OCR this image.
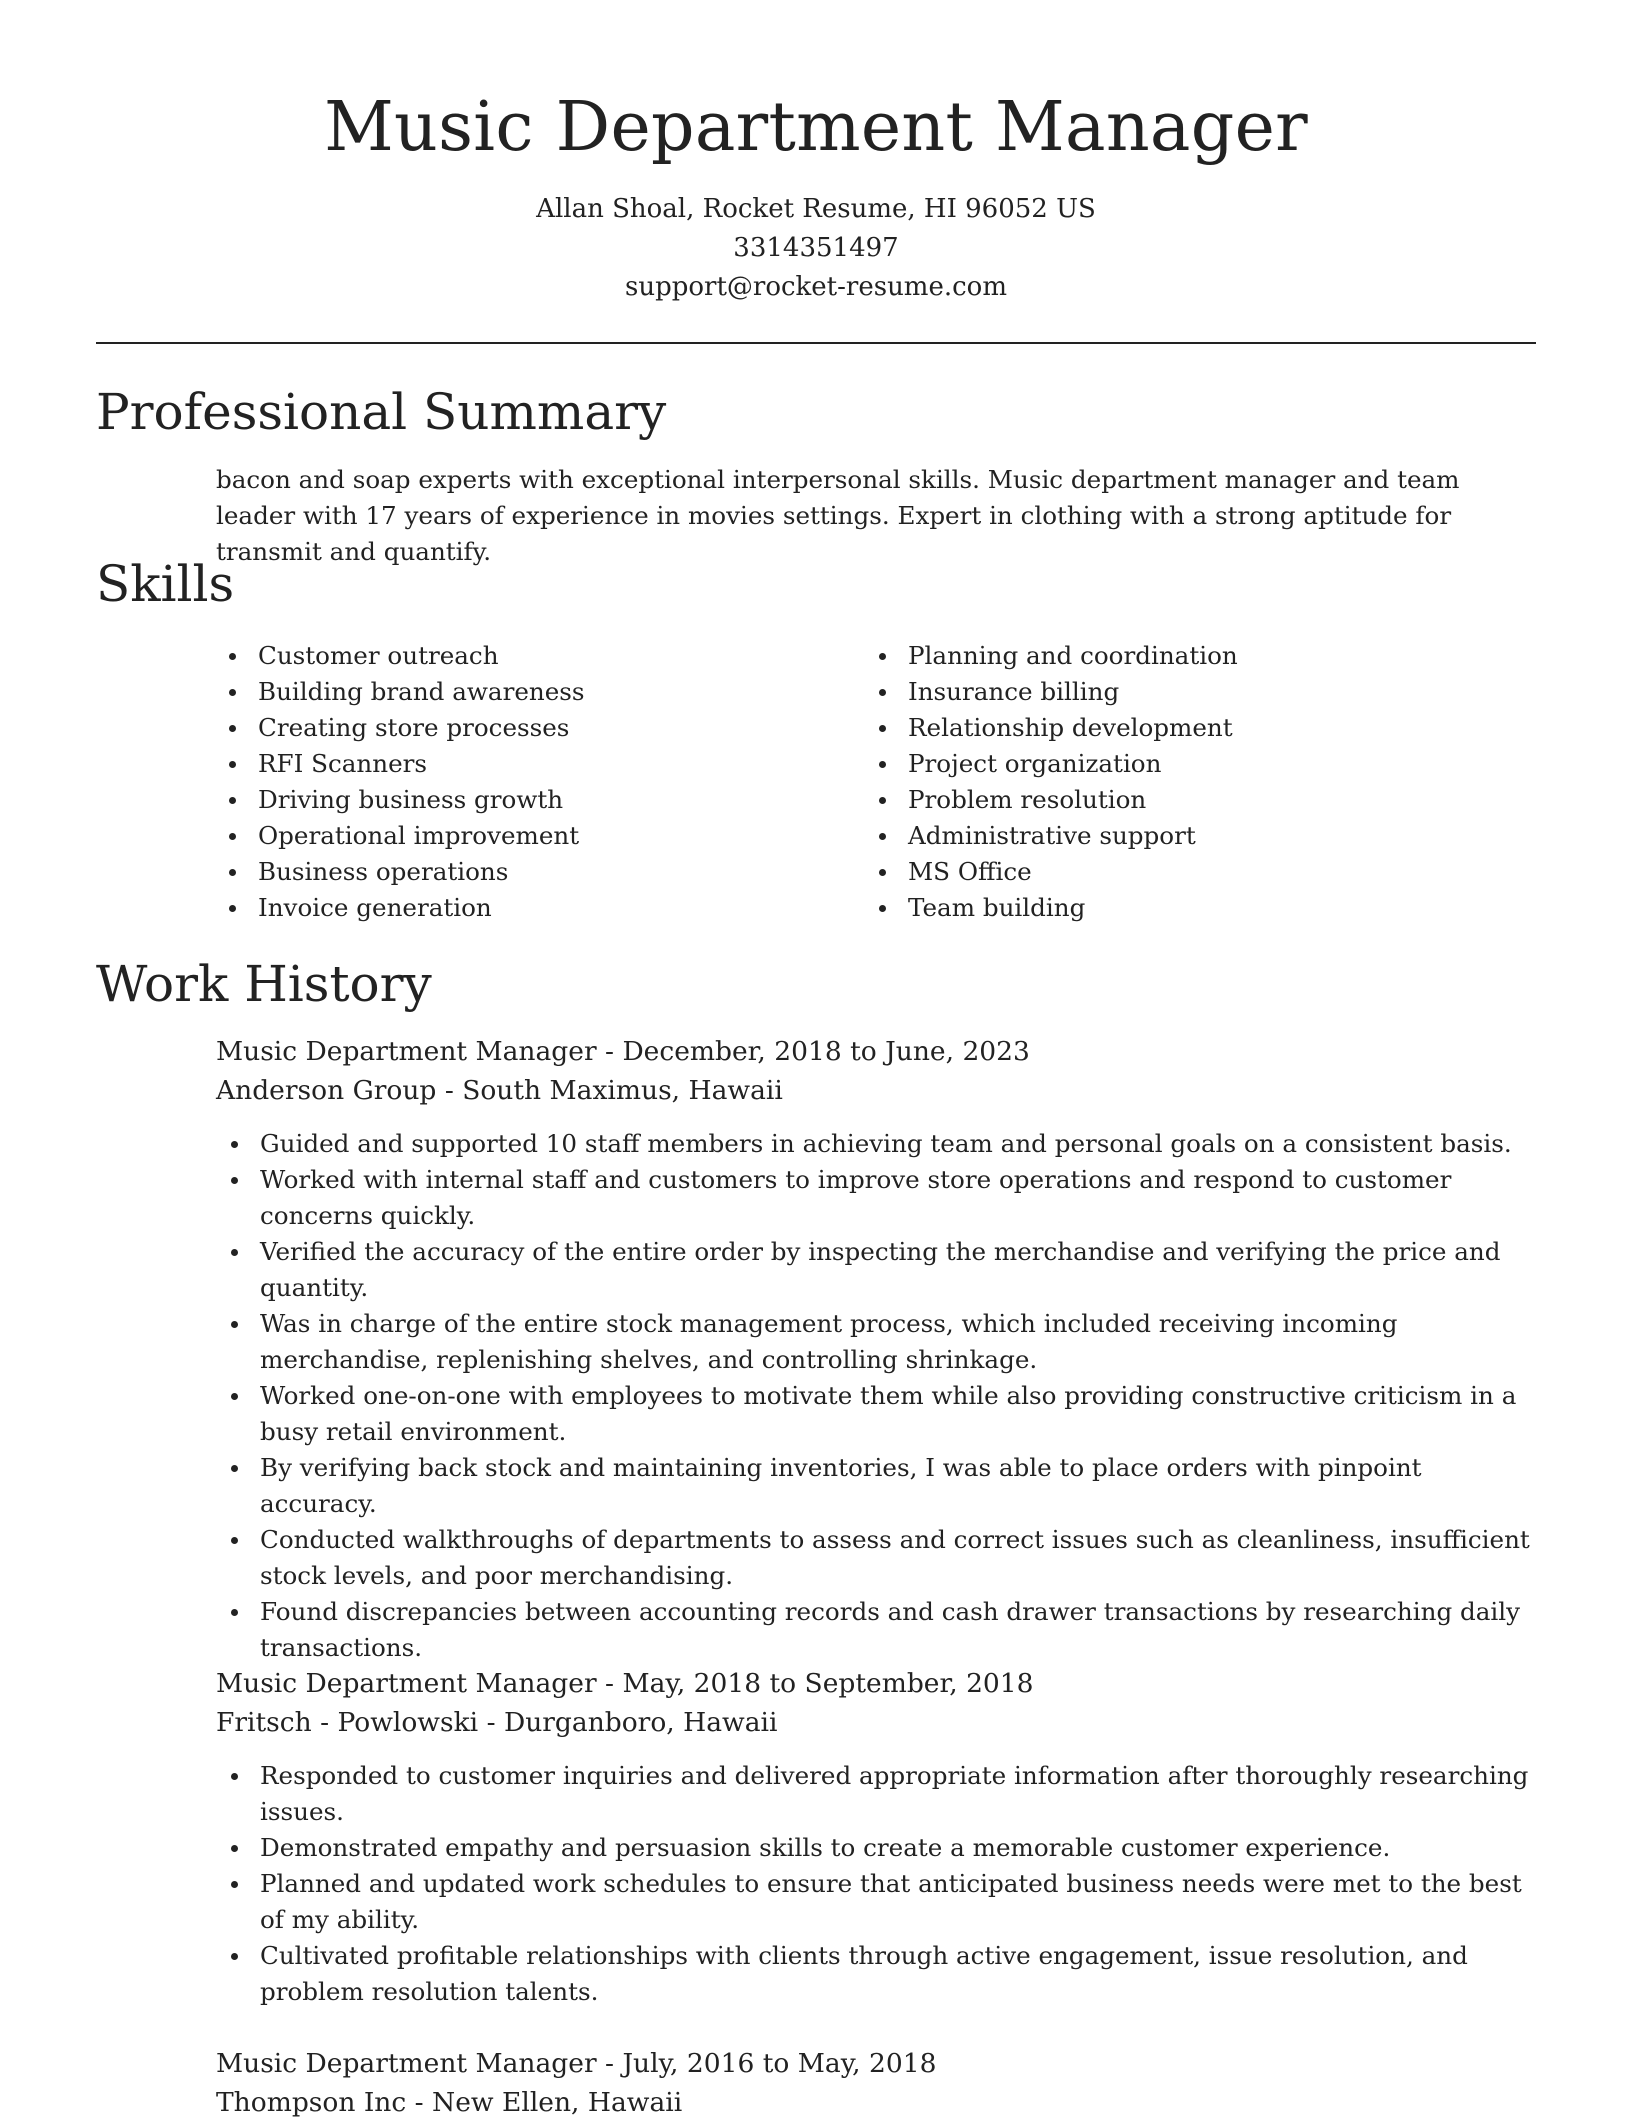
Music Department Manager
Allan Shoal, Rocket Resume, HI 96052 US
3314351497
support@rocket-resume.com
Professional Summary

bacon and soap experts with exceptional interpersonal skills. Music department manager and team leader with 17 years of experience in movies settings. Expert in clothing with a strong aptitude for transmit and quantify.

Skills
Customer outreach
Building brand awareness
Creating store processes
RFI Scanners
Driving business growth
Operational improvement
Business operations
Invoice generation
Planning and coordination
Insurance billing
Relationship development
Project organization
Problem resolution
Administrative support
MS Office
Team building
Work History
Music Department Manager - December, 2018 to June, 2023
Anderson Group - South Maximus, Hawaii
Guided and supported 10 staff members in achieving team and personal goals on a consistent basis.
Worked with internal staff and customers to improve store operations and respond to customer concerns quickly.
Verified the accuracy of the entire order by inspecting the merchandise and verifying the price and quantity.
Was in charge of the entire stock management process, which included receiving incoming merchandise, replenishing shelves, and controlling shrinkage.
Worked one-on-one with employees to motivate them while also providing constructive criticism in a busy retail environment.
By verifying back stock and maintaining inventories, I was able to place orders with pinpoint accuracy.
Conducted walkthroughs of departments to assess and correct issues such as cleanliness, insufficient stock levels, and poor merchandising.
Found discrepancies between accounting records and cash drawer transactions by researching daily transactions.
Music Department Manager - May, 2018 to September, 2018
Fritsch - Powlowski - Durganboro, Hawaii
Responded to customer inquiries and delivered appropriate information after thoroughly researching issues.
Demonstrated empathy and persuasion skills to create a memorable customer experience.
Planned and updated work schedules to ensure that anticipated business needs were met to the best of my ability.
Cultivated profitable relationships with clients through active engagement, issue resolution, and problem resolution talents.
Music Department Manager - July, 2016 to May, 2018
Thompson Inc - New Ellen, Hawaii
